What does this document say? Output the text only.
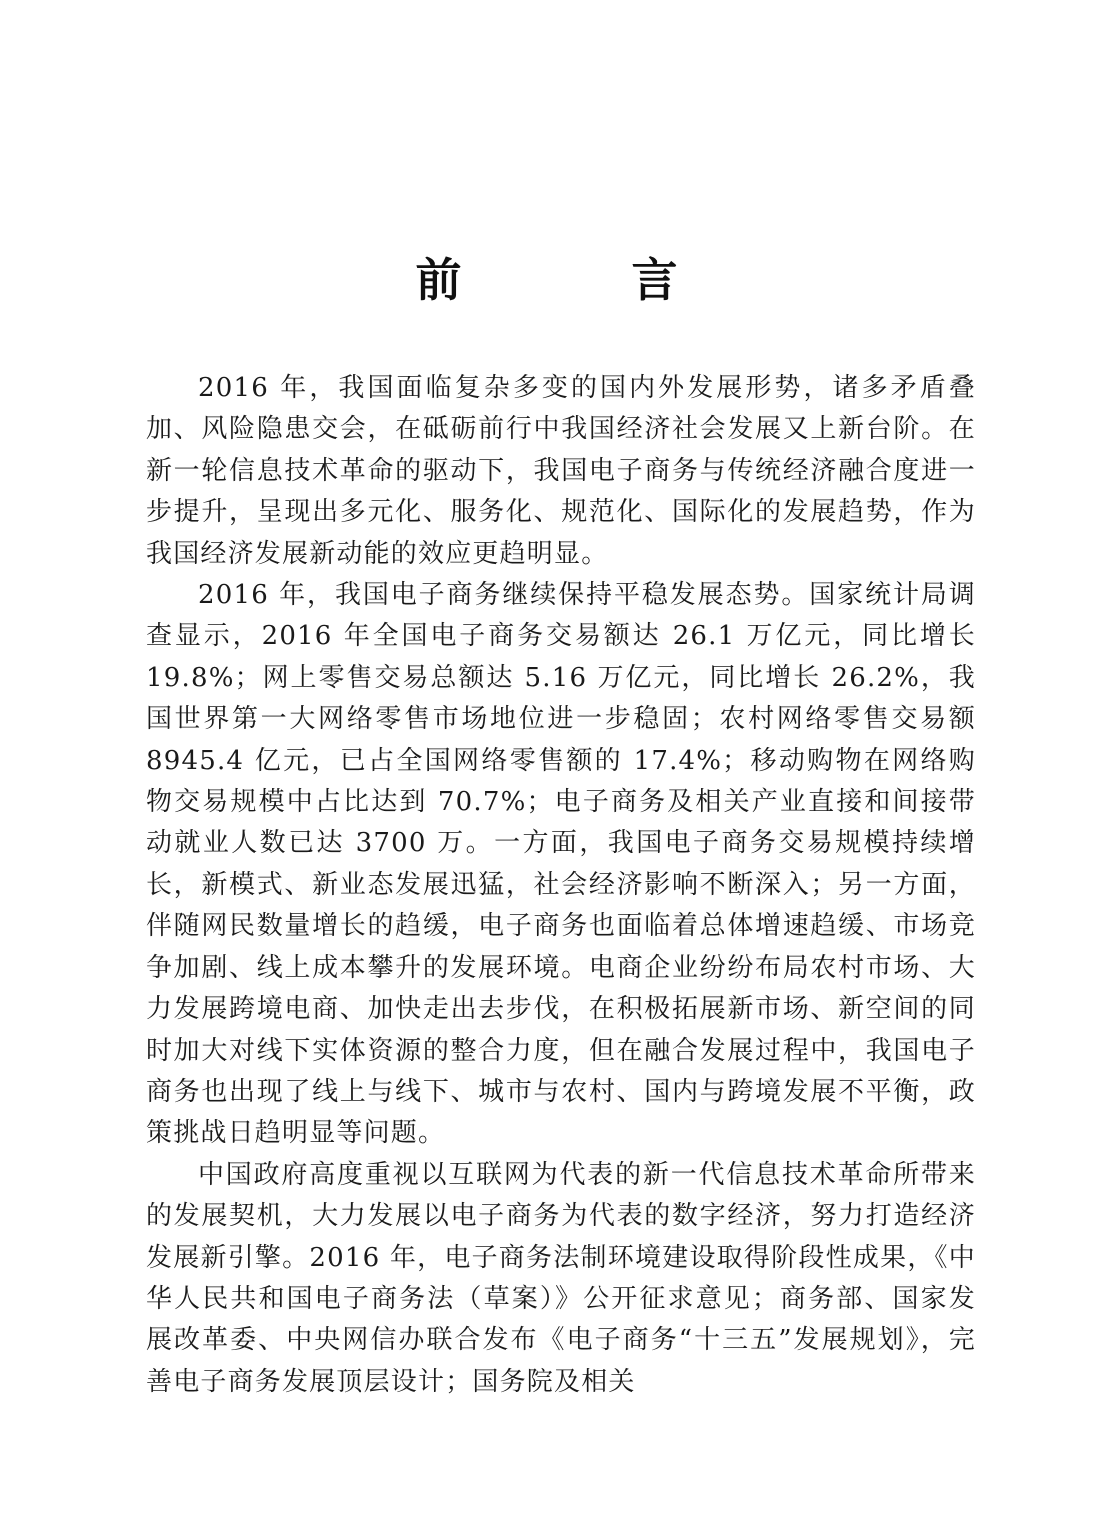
前　言

2016 年，我国面临复杂多变的国内外发展形势，诸多矛盾叠加、风险隐患交会，在砥砺前行中我国经济社会发展又上新台阶。在新一轮信息技术革命的驱动下，我国电子商务与传统经济融合度进一步提升，呈现出多元化、服务化、规范化、国际化的发展趋势，作为我国经济发展新动能的效应更趋明显。

2016 年，我国电子商务继续保持平稳发展态势。国家统计局调查显示，2016 年全国电子商务交易额达 26.1 万亿元，同比增长 19.8%；网上零售交易总额达 5.16 万亿元，同比增长 26.2%，我国世界第一大网络零售市场地位进一步稳固；农村网络零售交易额 8945.4 亿元，已占全国网络零售额的 17.4%；移动购物在网络购物交易规模中占比达到 70.7%；电子商务及相关产业直接和间接带动就业人数已达 3700 万。一方面，我国电子商务交易规模持续增长，新模式、新业态发展迅猛，社会经济影响不断深入；另一方面，伴随网民数量增长的趋缓，电子商务也面临着总体增速趋缓、市场竞争加剧、线上成本攀升的发展环境。电商企业纷纷布局农村市场、大力发展跨境电商、加快走出去步伐，在积极拓展新市场、新空间的同时加大对线下实体资源的整合力度，但在融合发展过程中，我国电子商务也出现了线上与线下、城市与农村、国内与跨境发展不平衡，政策挑战日趋明显等问题。

中国政府高度重视以互联网为代表的新一代信息技术革命所带来的发展契机，大力发展以电子商务为代表的数字经济，努力打造经济发展新引擎。2016 年，电子商务法制环境建设取得阶段性成果，《中华人民共和国电子商务法（草案）》公开征求意见；商务部、国家发展改革委、中央网信办联合发布《电子商务“十三五”发展规划》，完善电子商务发展顶层设计；国务院及相关
